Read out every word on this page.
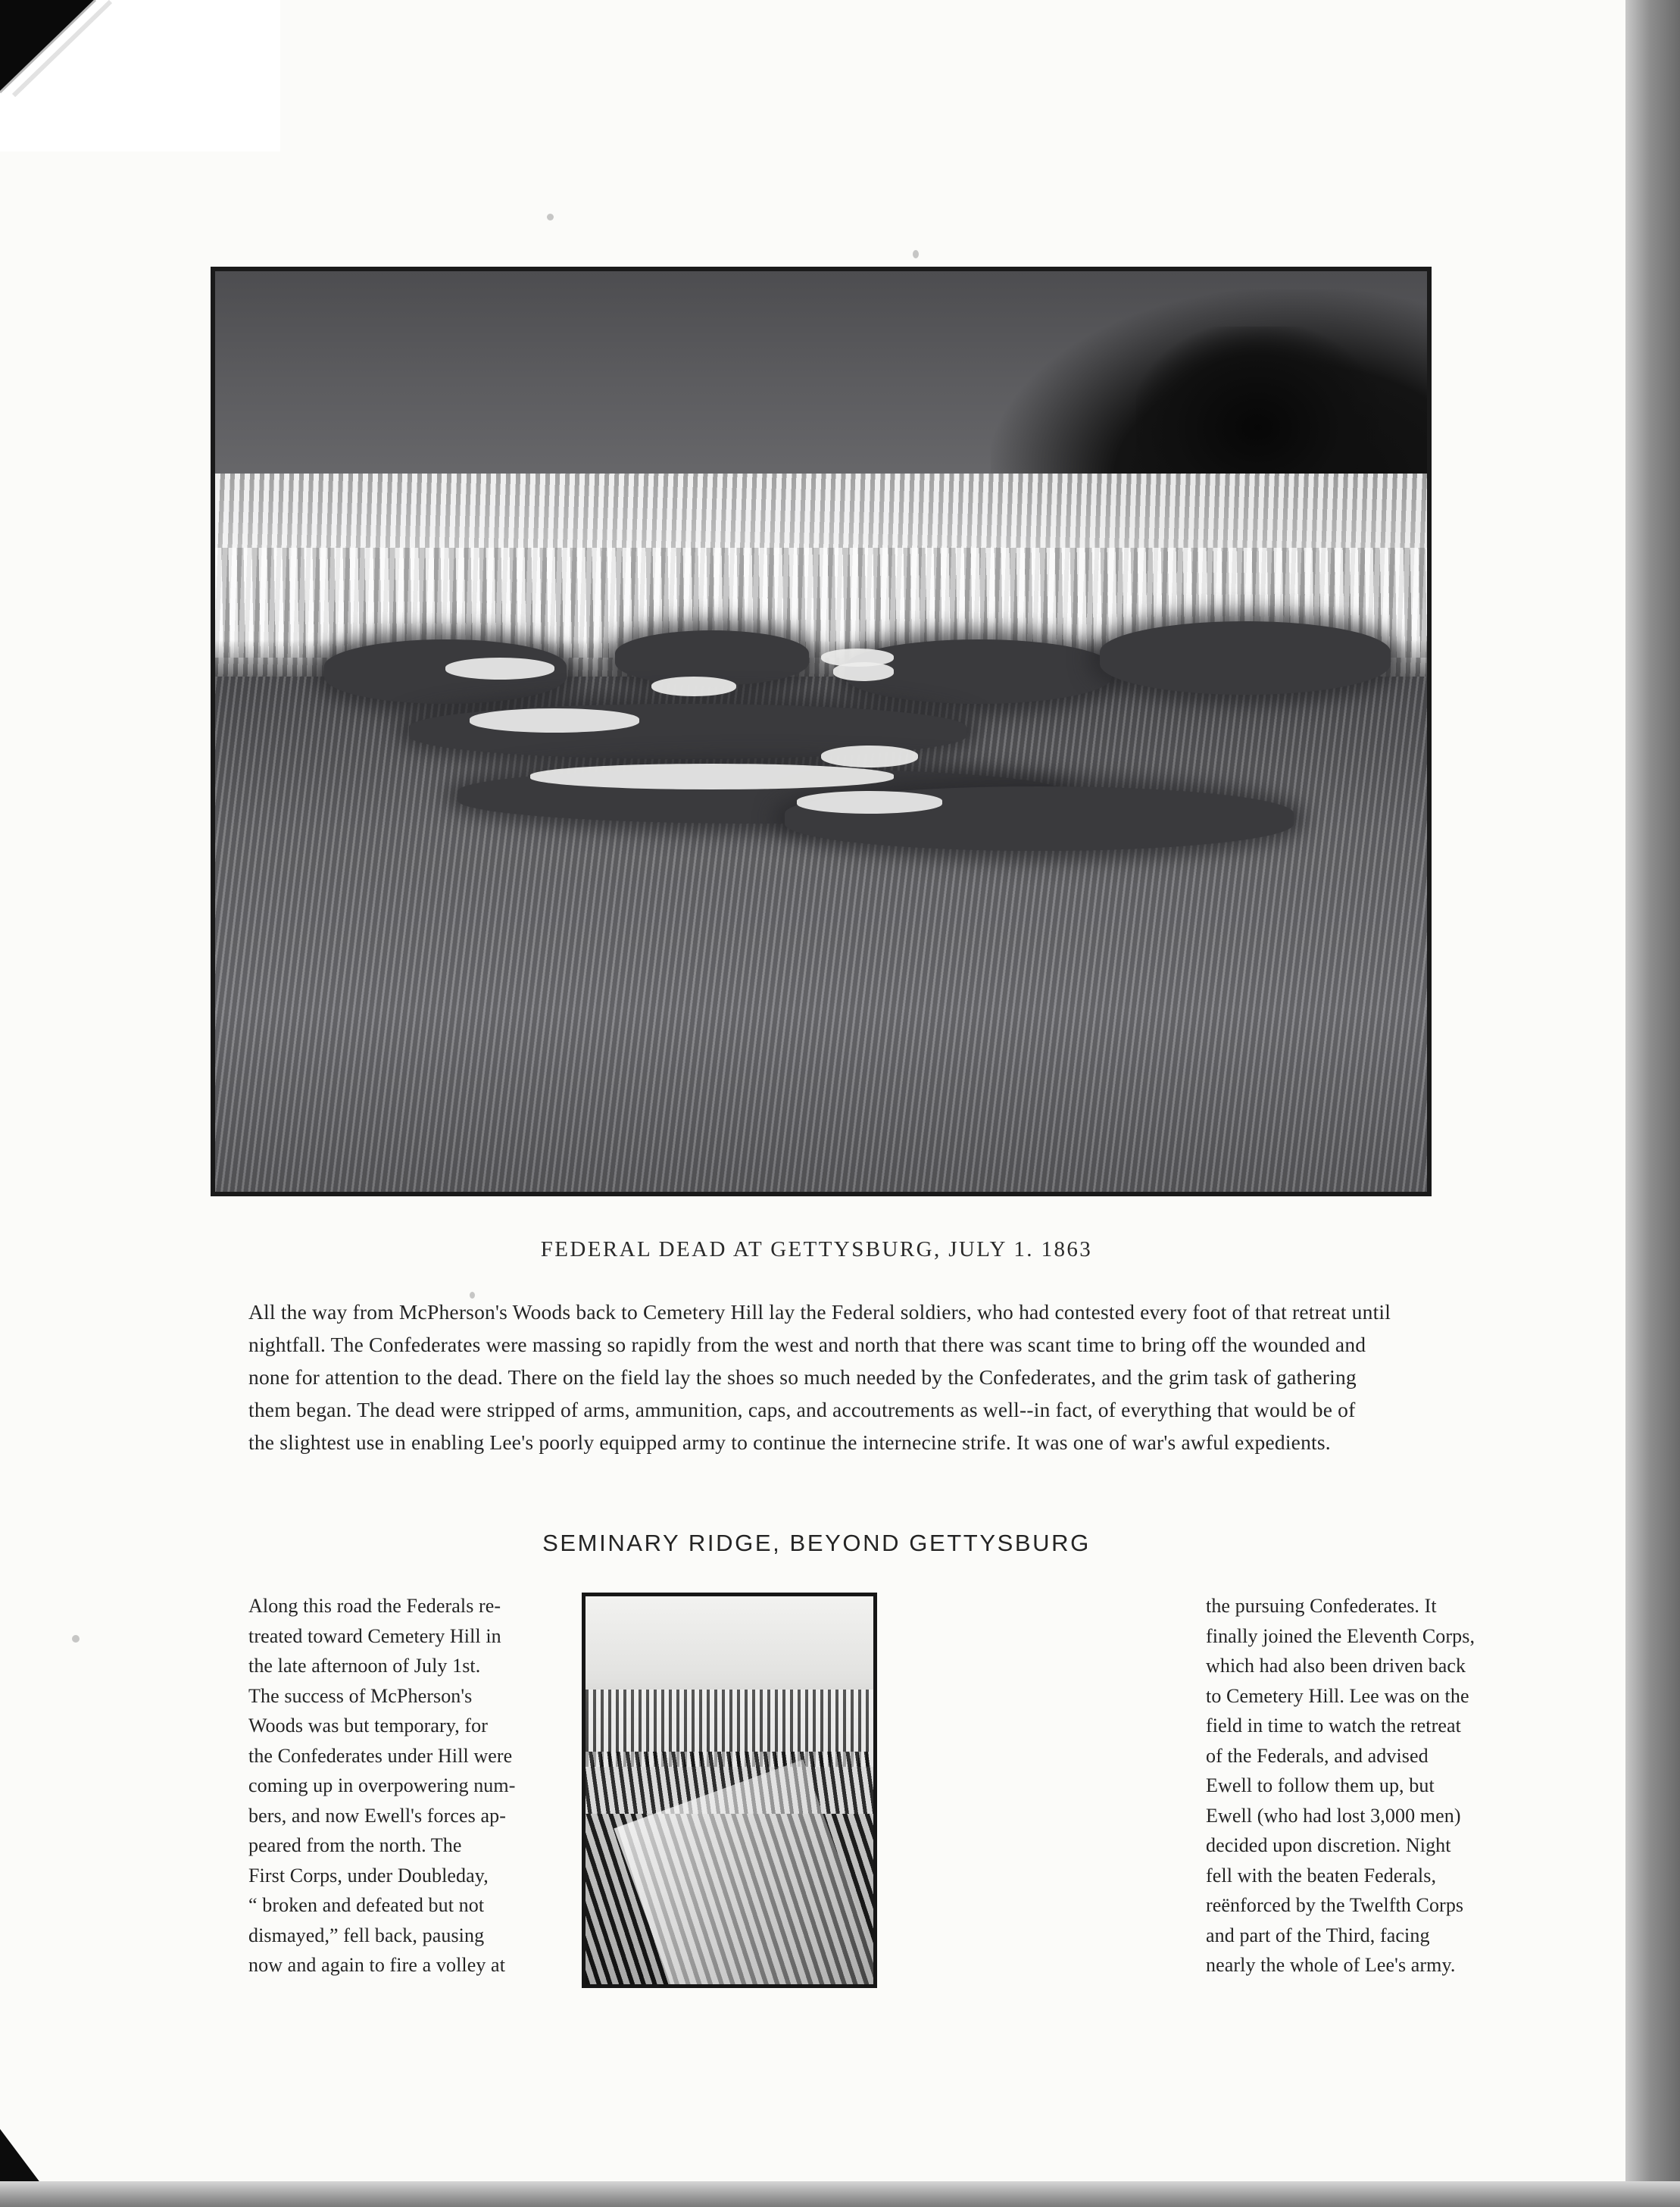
FEDERAL DEAD AT GETTYSBURG, JULY 1. 1863
All the way from McPherson's Woods back to Cemetery Hill lay the Federal soldiers, who had contested every foot of that retreat until
nightfall. The Confederates were massing so rapidly from the west and north that there was scant time to bring off the wounded and
none for attention to the dead. There on the field lay the shoes so much needed by the Confederates, and the grim task of gathering
them began. The dead were stripped of arms, ammunition, caps, and accoutrements as well--in fact, of everything that would be of
the slightest use in enabling Lee's poorly equipped army to continue the internecine strife. It was one of war's awful expedients.
SEMINARY RIDGE, BEYOND GETTYSBURG
Along this road the Federals re-
treated toward Cemetery Hill in
the late afternoon of July 1st.
The success of McPherson's
Woods was but temporary, for
the Confederates under Hill were
coming up in overpowering num-
bers, and now Ewell's forces ap-
peared from the north. The
First Corps, under Doubleday,
“ broken and defeated but not
dismayed,” fell back, pausing
now and again to fire a volley at
the pursuing Confederates. It
finally joined the Eleventh Corps,
which had also been driven back
to Cemetery Hill. Lee was on the
field in time to watch the retreat
of the Federals, and advised
Ewell to follow them up, but
Ewell (who had lost 3,000 men)
decided upon discretion. Night
fell with the beaten Federals,
reënforced by the Twelfth Corps
and part of the Third, facing
nearly the whole of Lee's army.
